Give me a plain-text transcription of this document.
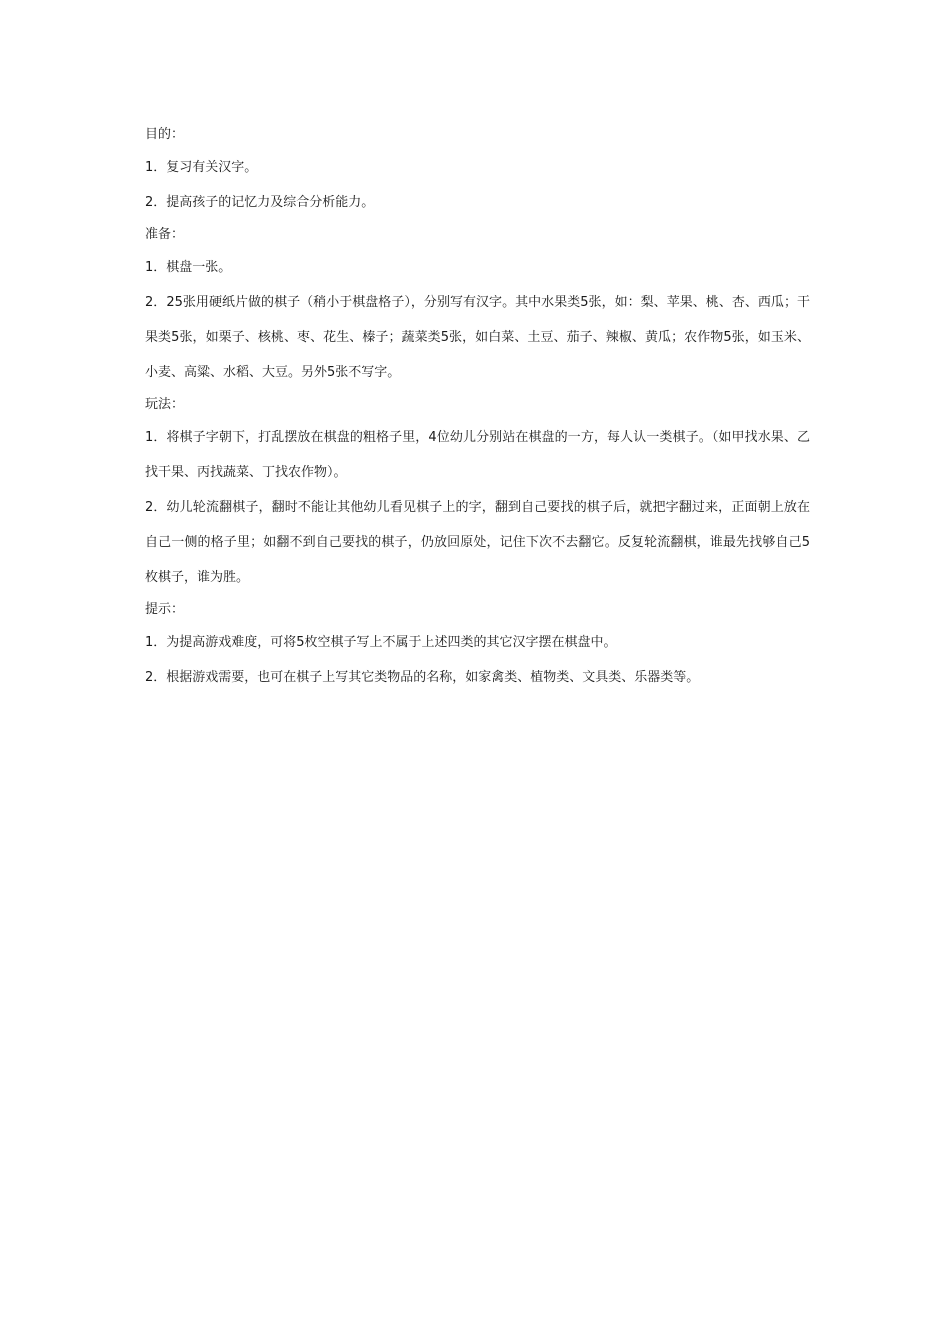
目的：

1．复习有关汉字。

2．提高孩子的记忆力及综合分析能力。

准备：

1．棋盘一张。

2．25张用硬纸片做的棋子（稍小于棋盘格子），分别写有汉字。其中水果类5张，如：梨、苹果、桃、杏、西瓜；干果类5张，如栗子、核桃、枣、花生、榛子；蔬菜类5张，如白菜、土豆、茄子、辣椒、黄瓜；农作物5张，如玉米、小麦、高粱、水稻、大豆。另外5张不写字。

玩法：

1．将棋子字朝下，打乱摆放在棋盘的粗格子里，4位幼儿分别站在棋盘的一方，每人认一类棋子。（如甲找水果、乙找干果、丙找蔬菜、丁找农作物）。

2．幼儿轮流翻棋子，翻时不能让其他幼儿看见棋子上的字，翻到自己要找的棋子后，就把字翻过来，正面朝上放在自己一侧的格子里；如翻不到自己要找的棋子，仍放回原处，记住下次不去翻它。反复轮流翻棋，谁最先找够自己5枚棋子，谁为胜。

提示：

1．为提高游戏难度，可将5枚空棋子写上不属于上述四类的其它汉字摆在棋盘中。

2．根据游戏需要，也可在棋子上写其它类物品的名称，如家禽类、植物类、文具类、乐器类等。
